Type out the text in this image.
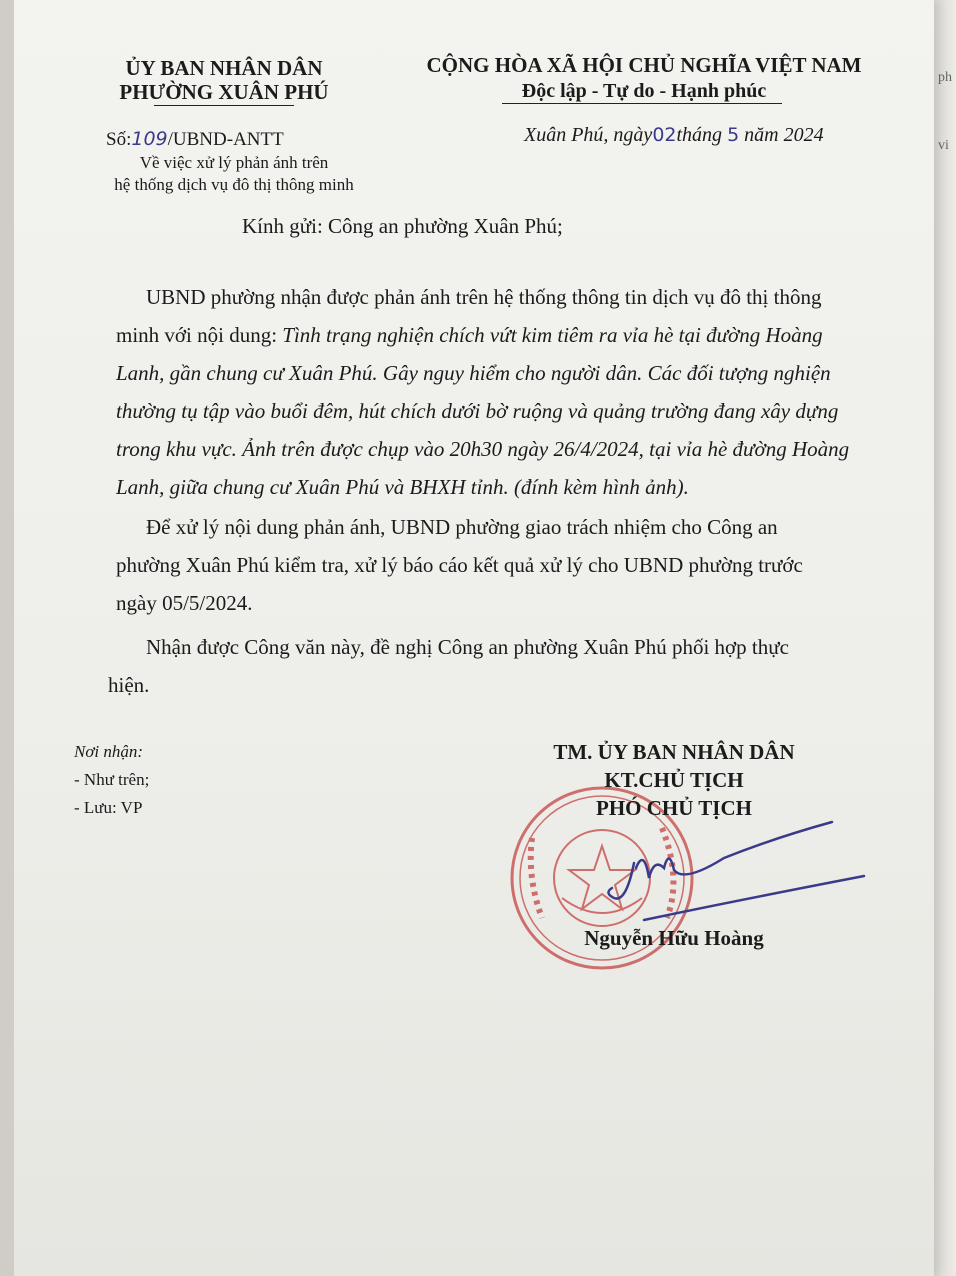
ph
vi
ỦY BAN NHÂN DÂN
PHƯỜNG XUÂN PHÚ
CỘNG HÒA XÃ HỘI CHỦ NGHĨA VIỆT NAM
Độc lập - Tự do - Hạnh phúc
Số:109/UBND-ANTT
Về việc xử lý phản ánh trên
hệ thống dịch vụ đô thị thông minh
Xuân Phú, ngày02tháng 5 năm 2024
Kính gửi: Công an phường Xuân Phú;
UBND phường nhận được phản ánh trên hệ thống thông tin dịch vụ đô thị thông
minh với nội dung: Tình trạng nghiện chích vứt kim tiêm ra vỉa hè tại đường Hoàng
Lanh, gần chung cư Xuân Phú. Gây nguy hiểm cho người dân. Các đối tượng nghiện
thường tụ tập vào buổi đêm, hút chích dưới bờ ruộng và quảng trường đang xây dựng
trong khu vực. Ảnh trên được chụp vào 20h30 ngày 26/4/2024, tại vỉa hè đường Hoàng
Lanh, giữa chung cư Xuân Phú và BHXH tỉnh. (đính kèm hình ảnh).
Để xử lý nội dung phản ánh, UBND phường giao trách nhiệm cho Công an
phường Xuân Phú kiểm tra, xử lý báo cáo kết quả xử lý cho UBND phường trước
ngày 05/5/2024.
Nhận được Công văn này, đề nghị Công an phường Xuân Phú phối hợp thực
hiện.
Nơi nhận:
- Như trên;
- Lưu: VP
TM. ỦY BAN NHÂN DÂN
KT.CHỦ TỊCH
PHÓ CHỦ TỊCH
Nguyễn Hữu Hoàng
